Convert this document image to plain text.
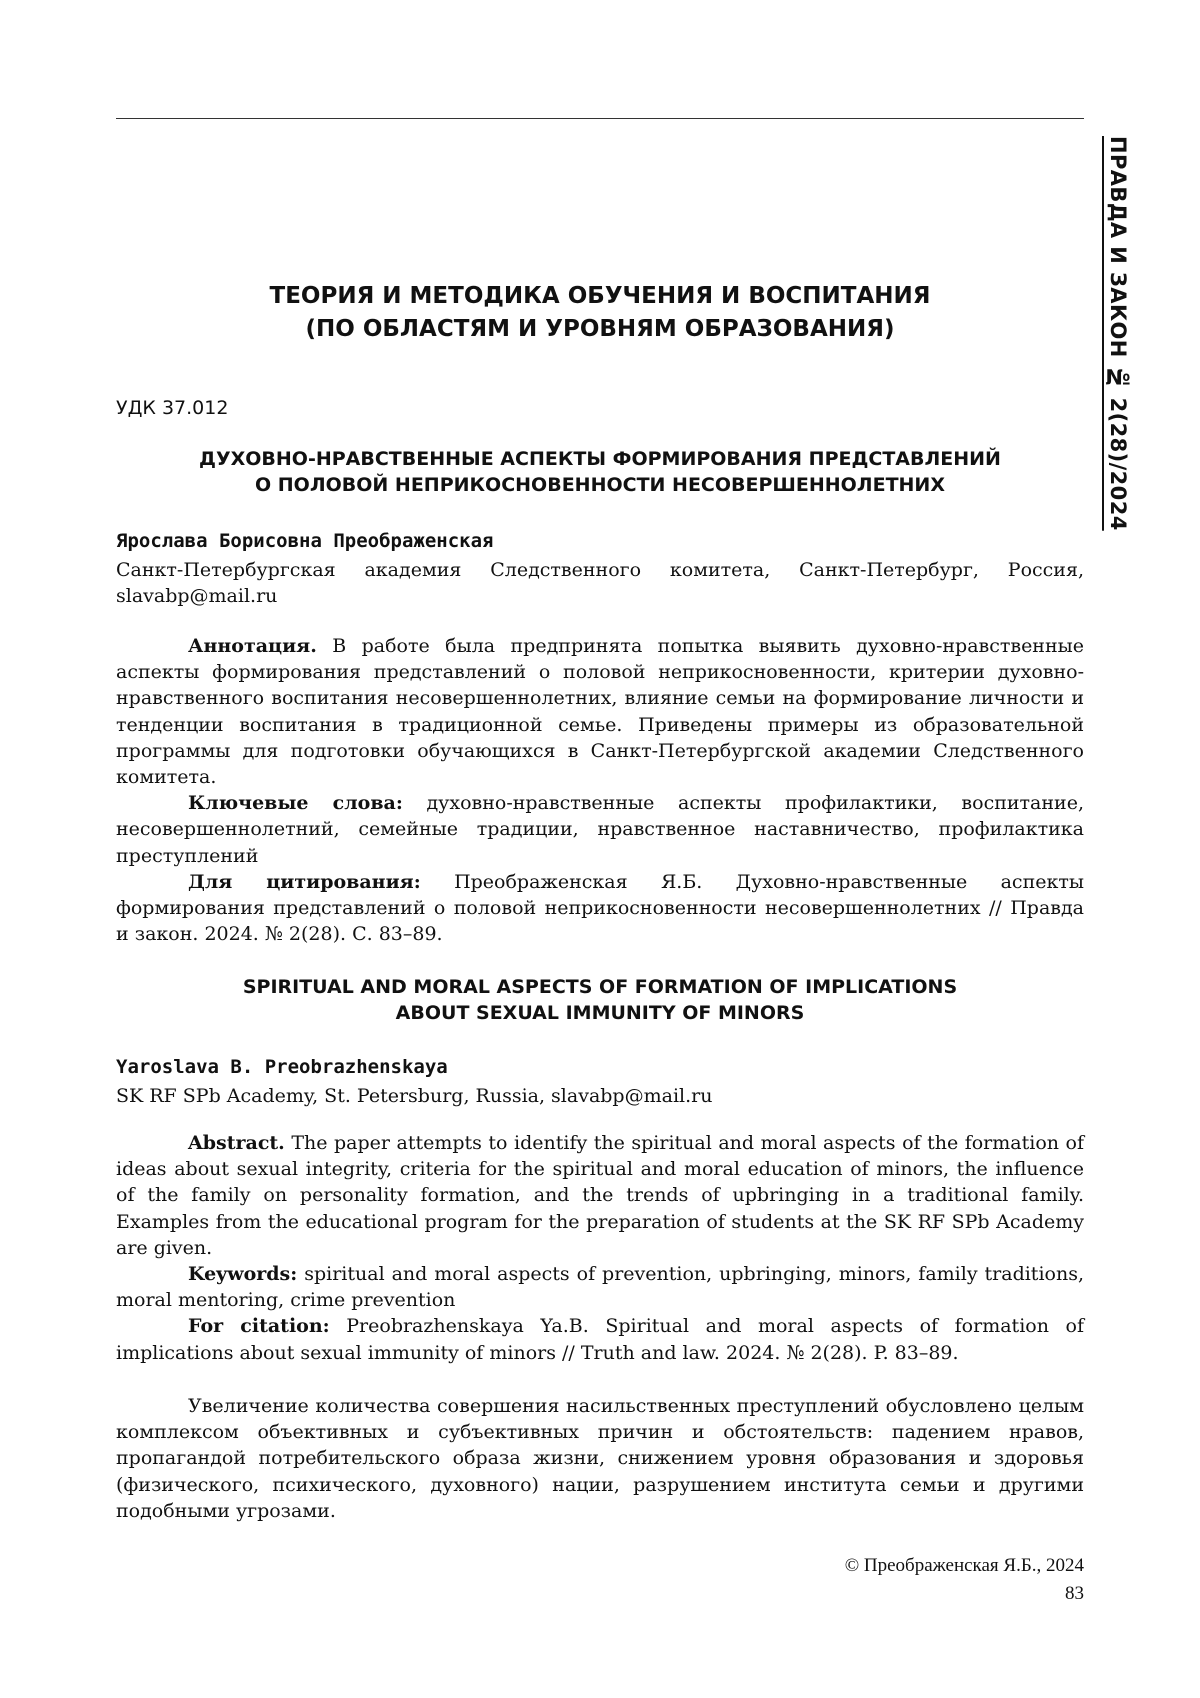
ПРАВДА И ЗАКОН № 2(28)/2024
ТЕОРИЯ И МЕТОДИКА ОБУЧЕНИЯ И ВОСПИТАНИЯ
(ПО ОБЛАСТЯМ И УРОВНЯМ ОБРАЗОВАНИЯ)
УДК 37.012
ДУХОВНО-НРАВСТВЕННЫЕ АСПЕКТЫ ФОРМИРОВАНИЯ ПРЕДСТАВЛЕНИЙ
О ПОЛОВОЙ НЕПРИКОСНОВЕННОСТИ НЕСОВЕРШЕННОЛЕТНИХ
Ярослава Борисовна Преображенская
Санкт-Петербургская академия Следственного комитета, Санкт-Петербург, Россия, slavabp@mail.ru

Аннотация. В работе была предпринята попытка выявить духовно-нравственные аспекты формирования представлений о половой неприкосновенности, критерии духовно-нравственного воспитания несовершеннолетних, влияние семьи на формирование личности и тенденции воспитания в традиционной семье. Приведены примеры из образовательной программы для подготовки обучающихся в Санкт-Петербургской академии Следственного комитета.

Ключевые слова: духовно-нравственные аспекты профилактики, воспитание, несовершеннолетний, семейные традиции, нравственное наставничество, профилактика преступлений

Для цитирования: Преображенская Я.Б. Духовно-нравственные аспекты формирования представлений о половой неприкосновенности несовершеннолетних // Правда и закон. 2024. № 2(28). С. 83–89.

SPIRITUAL AND MORAL ASPECTS OF FORMATION OF IMPLICATIONS
ABOUT SEXUAL IMMUNITY OF MINORS
Yaroslava B. Preobrazhenskaya
SK RF SPb Academy, St. Petersburg, Russia, slavabp@mail.ru

Abstract. The paper attempts to identify the spiritual and moral aspects of the formation of ideas about sexual integrity, criteria for the spiritual and moral education of minors, the influence of the family on personality formation, and the trends of upbringing in a traditional family. Examples from the educational program for the preparation of students at the SK RF SPb Academy are given.

Keywords: spiritual and moral aspects of prevention, upbringing, minors, family traditions, moral mentoring, crime prevention

For citation: Preobrazhenskaya Ya.B. Spiritual and moral aspects of formation of implications about sexual immunity of minors // Truth and law. 2024. № 2(28). P. 83–89.

Увеличение количества совершения насильственных преступлений обусловлено целым комплексом объективных и субъективных причин и обстоятельств: падением нравов, пропагандой потребительского образа жизни, снижением уровня образования и здоровья (физического, психического, духовного) нации, разрушением института семьи и другими подобными угрозами.

© Преображенская Я.Б., 2024
83
